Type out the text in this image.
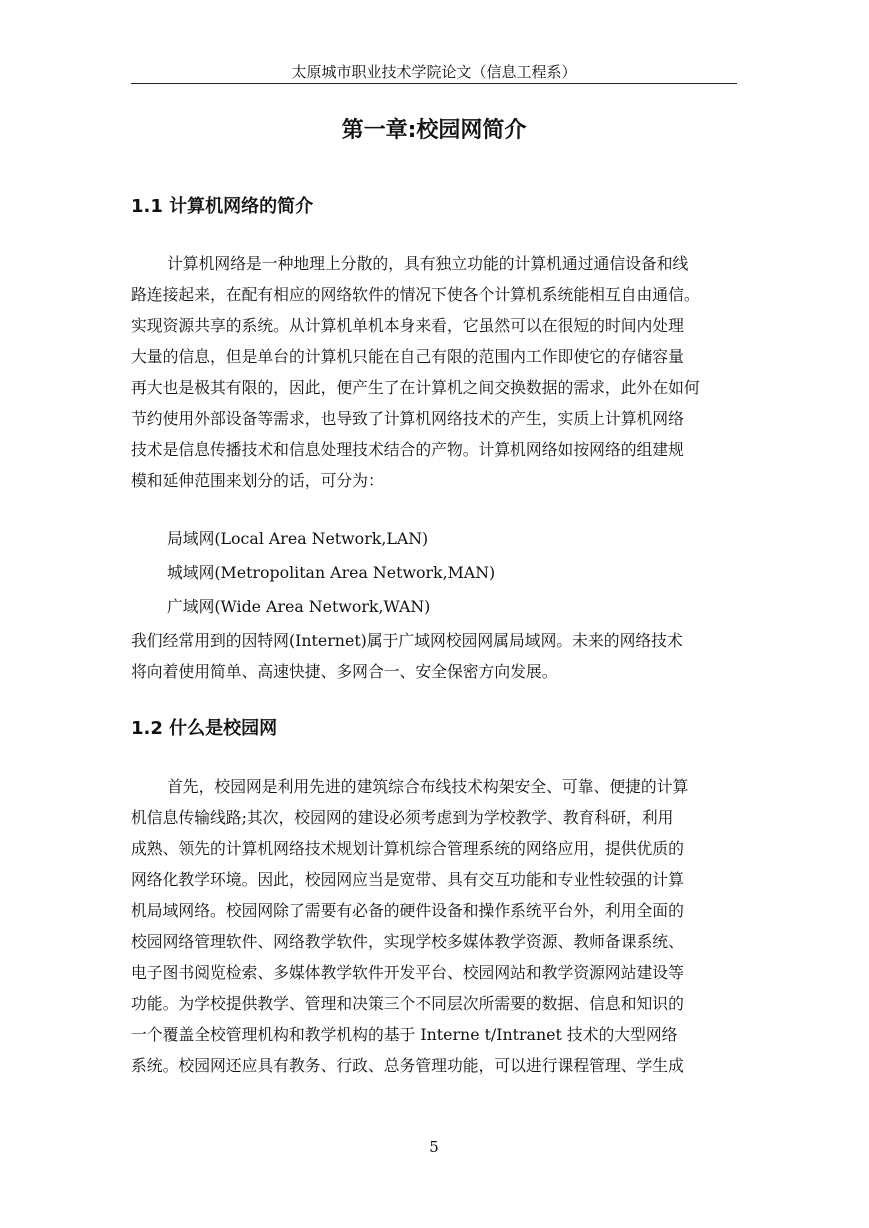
太原城市职业技术学院论文（信息工程系）
第一章:校园网简介
1.1 计算机网络的简介
计算机网络是一种地理上分散的，具有独立功能的计算机通过通信设备和线
路连接起来，在配有相应的网络软件的情况下使各个计算机系统能相互自由通信。
实现资源共享的系统。从计算机单机本身来看，它虽然可以在很短的时间内处理
大量的信息，但是单台的计算机只能在自己有限的范围内工作即使它的存储容量
再大也是极其有限的，因此，便产生了在计算机之间交换数据的需求，此外在如何
节约使用外部设备等需求，也导致了计算机网络技术的产生，实质上计算机网络
技术是信息传播技术和信息处理技术结合的产物。计算机网络如按网络的组建规
模和延伸范围来划分的话，可分为：
局域网(Local Area Network,LAN)
城域网(Metropolitan Area Network,MAN)
广域网(Wide Area Network,WAN)
我们经常用到的因特网(Internet)属于广域网校园网属局域网。未来的网络技术
将向着使用简单、高速快捷、多网合一、安全保密方向发展。
1.2 什么是校园网
首先，校园网是利用先进的建筑综合布线技术构架安全、可靠、便捷的计算
机信息传输线路;其次，校园网的建设必须考虑到为学校教学、教育科研，利用
成熟、领先的计算机网络技术规划计算机综合管理系统的网络应用，提供优质的
网络化教学环境。因此，校园网应当是宽带、具有交互功能和专业性较强的计算
机局域网络。校园网除了需要有必备的硬件设备和操作系统平台外，利用全面的
校园网络管理软件、网络教学软件，实现学校多媒体教学资源、教师备课系统、
电子图书阅览检索、多媒体教学软件开发平台、校园网站和教学资源网站建设等
功能。为学校提供教学、管理和决策三个不同层次所需要的数据、信息和知识的
一个覆盖全校管理机构和教学机构的基于 Interne t/Intranet 技术的大型网络
系统。校园网还应具有教务、行政、总务管理功能，可以进行课程管理、学生成
5
